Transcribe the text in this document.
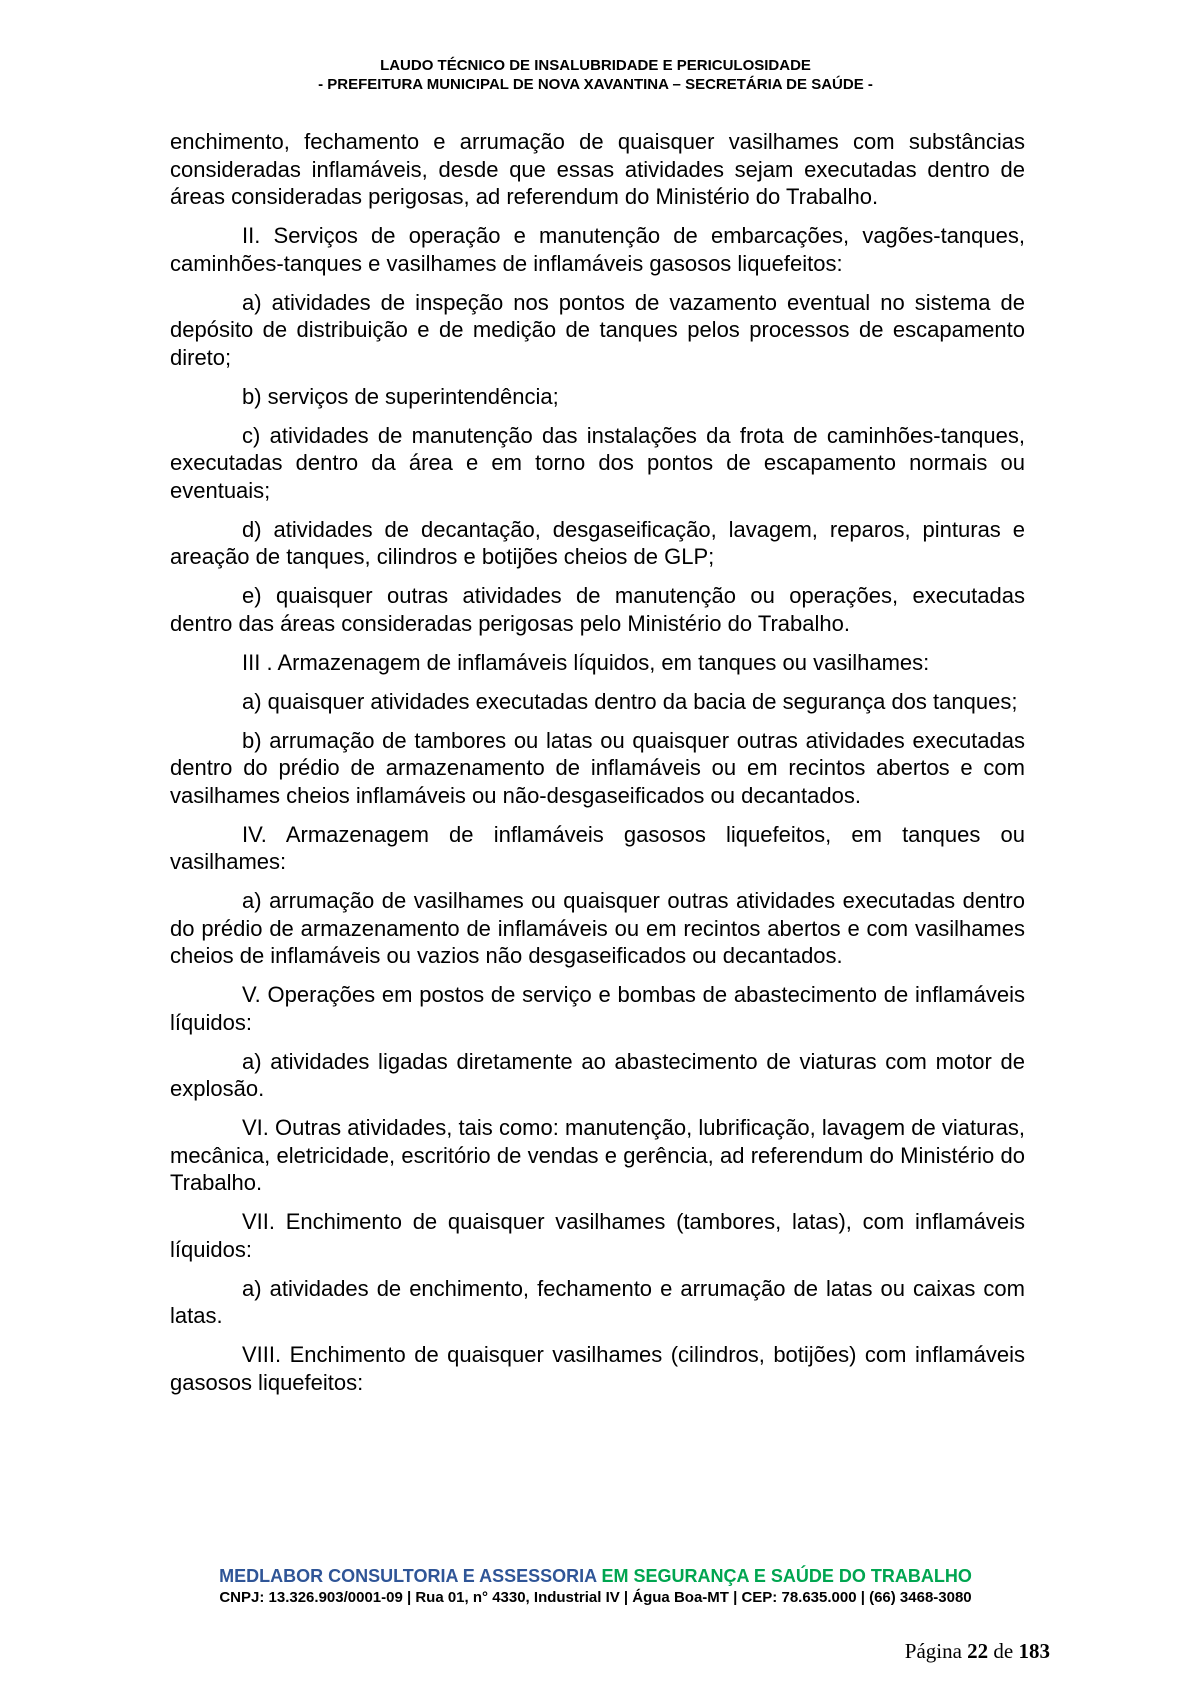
LAUDO TÉCNICO DE INSALUBRIDADE E PERICULOSIDADE
- PREFEITURA MUNICIPAL DE NOVA XAVANTINA – SECRETÁRIA DE SAÚDE -

enchimento, fechamento e arrumação de quaisquer vasilhames com substâncias consideradas inflamáveis, desde que essas atividades sejam executadas dentro de áreas consideradas perigosas, ad referendum do Ministério do Trabalho.

II. Serviços de operação e manutenção de embarcações, vagões-tanques, caminhões-tanques e vasilhames de inflamáveis gasosos liquefeitos:

a) atividades de inspeção nos pontos de vazamento eventual no sistema de depósito de distribuição e de medição de tanques pelos processos de escapamento direto;

b) serviços de superintendência;

c) atividades de manutenção das instalações da frota de caminhões-tanques, executadas dentro da área e em torno dos pontos de escapamento normais ou eventuais;

d) atividades de decantação, desgaseificação, lavagem, reparos, pinturas e areação de tanques, cilindros e botijões cheios de GLP;

e) quaisquer outras atividades de manutenção ou operações, executadas dentro das áreas consideradas perigosas pelo Ministério do Trabalho.

III . Armazenagem de inflamáveis líquidos, em tanques ou vasilhames:

a) quaisquer atividades executadas dentro da bacia de segurança dos tanques;

b) arrumação de tambores ou latas ou quaisquer outras atividades executadas dentro do prédio de armazenamento de inflamáveis ou em recintos abertos e com vasilhames cheios inflamáveis ou não-desgaseificados ou decantados.

IV. Armazenagem de inflamáveis gasosos liquefeitos, em tanques ou vasilhames:

a) arrumação de vasilhames ou quaisquer outras atividades executadas dentro do prédio de armazenamento de inflamáveis ou em recintos abertos e com vasilhames cheios de inflamáveis ou vazios não desgaseificados ou decantados.

V. Operações em postos de serviço e bombas de abastecimento de inflamáveis líquidos:

a) atividades ligadas diretamente ao abastecimento de viaturas com motor de explosão.

VI. Outras atividades, tais como: manutenção, lubrificação, lavagem de viaturas, mecânica, eletricidade, escritório de vendas e gerência, ad referendum do Ministério do Trabalho.

VII. Enchimento de quaisquer vasilhames (tambores, latas), com inflamáveis líquidos:

a) atividades de enchimento, fechamento e arrumação de latas ou caixas com latas.

VIII. Enchimento de quaisquer vasilhames (cilindros, botijões) com inflamáveis gasosos liquefeitos:

MEDLABOR CONSULTORIA E ASSESSORIA EM SEGURANÇA E SAÚDE DO TRABALHO
CNPJ: 13.326.903/0001-09 | Rua 01, n° 4330, Industrial IV | Água Boa-MT | CEP: 78.635.000 | (66) 3468-3080
Página 22 de 183
